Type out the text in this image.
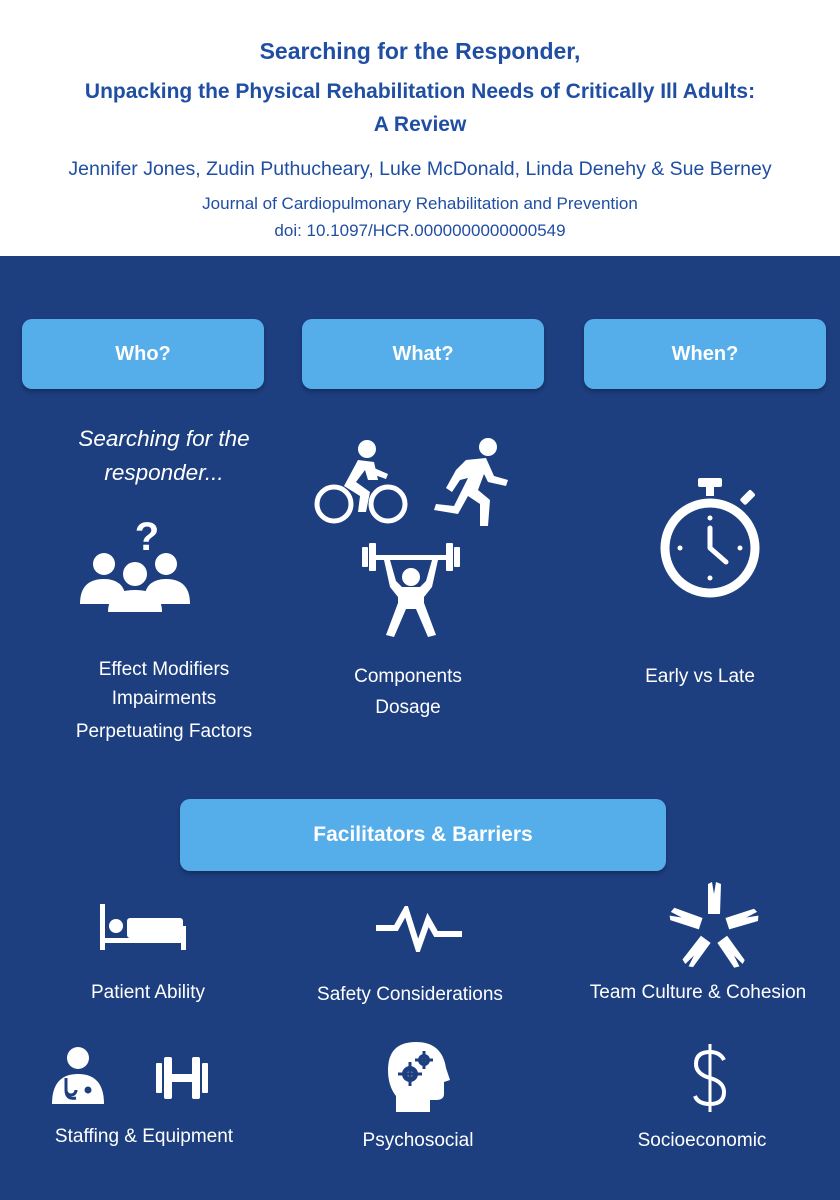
Searching for the Responder,
Unpacking the Physical Rehabilitation Needs of Critically Ill Adults:
A Review
Jennifer Jones, Zudin Puthucheary, Luke McDonald, Linda Denehy & Sue Berney
Journal of Cardiopulmonary Rehabilitation and Prevention
doi: 10.1097/HCR.0000000000000549
Who?	What?	When?
Searching for the
responder...
?
Effect Modifiers
Impairments
Perpetuating Factors
Components
Dosage
Early vs Late
Facilitators & Barriers
Patient Ability	Safety Considerations	Team Culture & Cohesion
Staffing & Equipment	Psychosocial	Socioeconomic
